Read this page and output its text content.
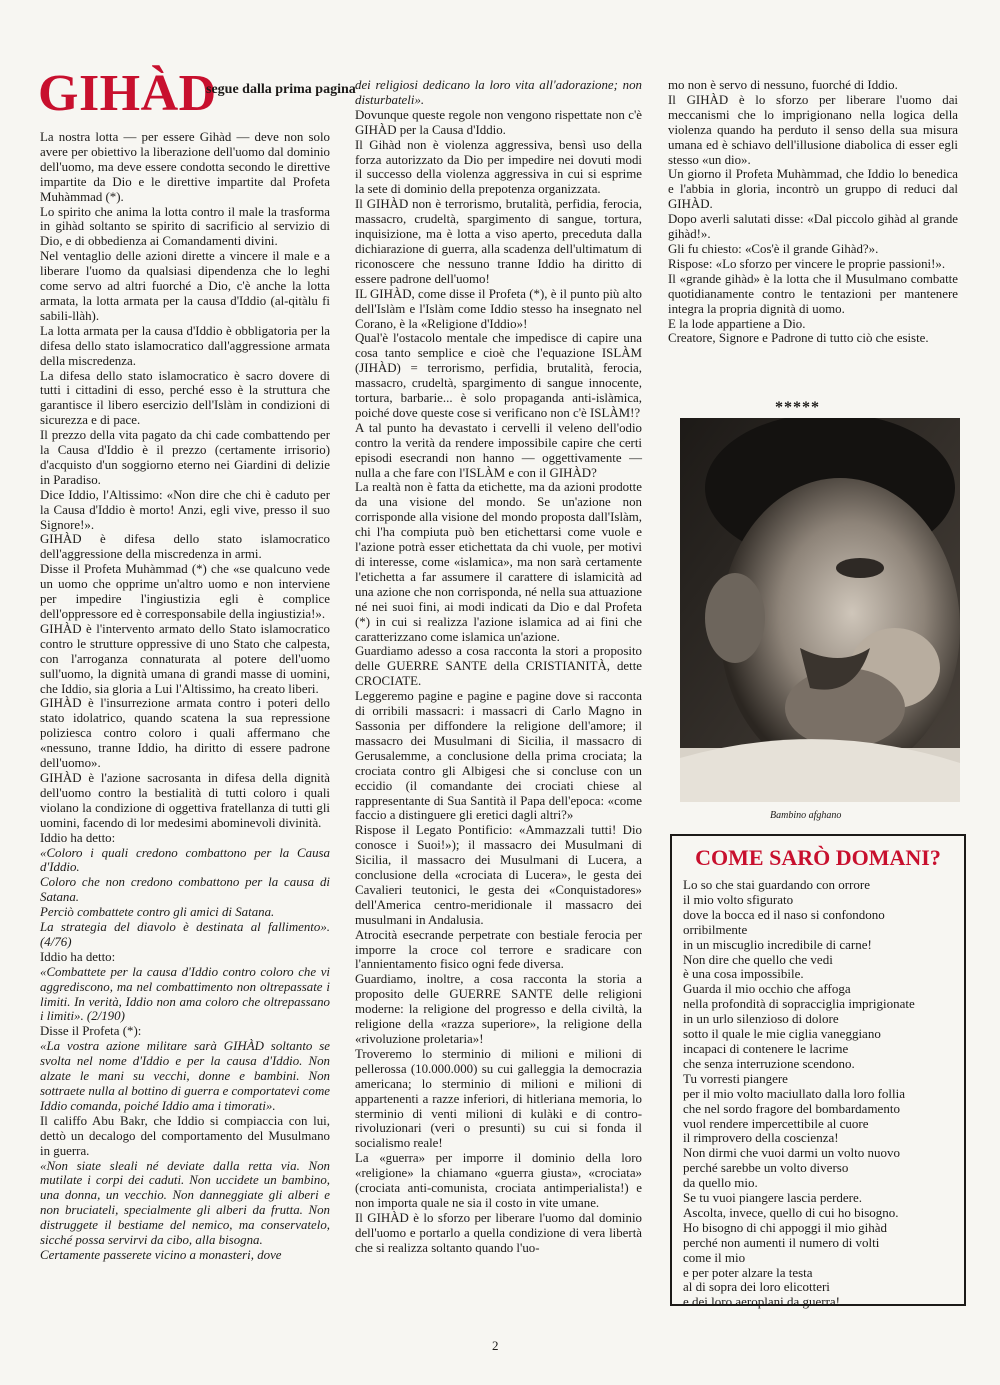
GIHÀD
segue dalla prima pagina

La nostra lotta — per essere Gihàd — deve non solo avere per obiettivo la liberazione dell'uomo dal dominio dell'uomo, ma deve essere condotta secondo le direttive impartite da Dio e le direttive impartite dal Profeta Muhàmmad (*).

Lo spirito che anima la lotta contro il male la trasforma in gihàd soltanto se spirito di sacrificio al servizio di Dio, e di obbedienza ai Comandamenti divini.

Nel ventaglio delle azioni dirette a vincere il male e a liberare l'uomo da qualsiasi dipendenza che lo leghi come servo ad altri fuorché a Dio, c'è anche la lotta armata, la lotta armata per la causa d'Iddio (al-qitàlu fi sabili-llàh).

La lotta armata per la causa d'Iddio è obbligatoria per la difesa dello stato islamocratico dall'aggressione armata della miscredenza.

La difesa dello stato islamocratico è sacro dovere di tutti i cittadini di esso, perché esso è la struttura che garantisce il libero esercizio dell'Islàm in condizioni di sicurezza e di pace.

Il prezzo della vita pagato da chi cade combattendo per la Causa d'Iddio è il prezzo (certamente irrisorio) d'acquisto d'un soggiorno eterno nei Giardini di delizie in Paradiso.

Dice Iddio, l'Altissimo: «Non dire che chi è caduto per la Causa d'Iddio è morto! Anzi, egli vive, presso il suo Signore!».

GIHÀD è difesa dello stato islamocratico dell'aggressione della miscredenza in armi.

Disse il Profeta Muhàmmad (*) che «se qualcuno vede un uomo che opprime un'altro uomo e non interviene per impedire l'ingiustizia egli è complice dell'oppressore ed è corresponsabile della ingiustizia!».

GIHÀD è l'intervento armato dello Stato islamocratico contro le strutture oppressive di uno Stato che calpesta, con l'arroganza connaturata al potere dell'uomo sull'uomo, la dignità umana di grandi masse di uomini, che Iddio, sia gloria a Lui l'Altissimo, ha creato liberi.

GIHÀD è l'insurrezione armata contro i poteri dello stato idolatrico, quando scatena la sua repressione poliziesca contro coloro i quali affermano che «nessuno, tranne Iddio, ha diritto di essere padrone dell'uomo».

GIHÀD è l'azione sacrosanta in difesa della dignità dell'uomo contro la bestialità di tutti coloro i quali violano la condizione di oggettiva fratellanza di tutti gli uomini, facendo di lor medesimi abominevoli divinità.

Iddio ha detto:

«Coloro i quali credono combattono per la Causa d'Iddio.

Coloro che non credono combattono per la causa di Satana.

Perciò combattete contro gli amici di Satana.

La strategia del diavolo è destinata al fallimento». (4/76)

Iddio ha detto:

«Combattete per la causa d'Iddio contro coloro che vi aggrediscono, ma nel combattimento non oltrepassate i limiti. In verità, Iddio non ama coloro che oltrepassano i limiti». (2/190)

Disse il Profeta (*):

«La vostra azione militare sarà GIHÀD soltanto se svolta nel nome d'Iddio e per la causa d'Iddio. Non alzate le mani su vecchi, donne e bambini. Non sottraete nulla al bottino di guerra e comportatevi come Iddio comanda, poiché Iddio ama i timorati».

Il califfo Abu Bakr, che Iddio si compiaccia con lui, dettò un decalogo del comportamento del Musulmano in guerra.

«Non siate sleali né deviate dalla retta via. Non mutilate i corpi dei caduti. Non uccidete un bambino, una donna, un vecchio. Non danneggiate gli alberi e non bruciateli, specialmente gli alberi da frutta. Non distruggete il bestiame del nemico, ma conservatelo, sicché possa servirvi da cibo, alla bisogna.

Certamente passerete vicino a monasteri, dove

dei religiosi dedicano la loro vita all'adorazione; non disturbateli».

Dovunque queste regole non vengono rispettate non c'è GIHÀD per la Causa d'Iddio.

Il Gihàd non è violenza aggressiva, bensì uso della forza autorizzato da Dio per impedire nei dovuti modi il successo della violenza aggressiva in cui si esprime la sete di dominio della prepotenza organizzata.

Il GIHÀD non è terrorismo, brutalità, perfidia, ferocia, massacro, crudeltà, spargimento di sangue, tortura, inquisizione, ma è lotta a viso aperto, preceduta dalla dichiarazione di guerra, alla scadenza dell'ultimatum di riconoscere che nessuno tranne Iddio ha diritto di essere padrone dell'uomo!

IL GIHÀD, come disse il Profeta (*), è il punto più alto dell'Islàm e l'Islàm come Iddio stesso ha insegnato nel Corano, è la «Religione d'Iddio»!

Qual'è l'ostacolo mentale che impedisce di capire una cosa tanto semplice e cioè che l'equazione ISLÀM (JIHÀD) = terrorismo, perfidia, brutalità, ferocia, massacro, crudeltà, spargimento di sangue innocente, tortura, barbarie... è solo propaganda anti-islàmica, poiché dove queste cose si verificano non c'è ISLÀM!?

A tal punto ha devastato i cervelli il veleno dell'odio contro la verità da rendere impossibile capire che certi episodi esecrandi non hanno — oggettivamente — nulla a che fare con l'ISLÀM e con il GIHÀD?

La realtà non è fatta da etichette, ma da azioni prodotte da una visione del mondo. Se un'azione non corrisponde alla visione del mondo proposta dall'Islàm, chi l'ha compiuta può ben etichettarsi come vuole e l'azione potrà esser etichettata da chi vuole, per motivi di interesse, come «islamica», ma non sarà certamente l'etichetta a far assumere il carattere di islamicità ad una azione che non corrisponda, né nella sua attuazione né nei suoi fini, ai modi indicati da Dio e dal Profeta (*) in cui si realizza l'azione islamica ad ai fini che caratterizzano come islamica un'azione.

Guardiamo adesso a cosa racconta la stori a proposito delle GUERRE SANTE della CRISTIANITÀ, dette CROCIATE.

Leggeremo pagine e pagine e pagine dove si racconta di orribili massacri: i massacri di Carlo Magno in Sassonia per diffondere la religione dell'amore; il massacro dei Musulmani di Sicilia, il massacro di Gerusalemme, a conclusione della prima crociata; la crociata contro gli Albigesi che si concluse con un eccidio (il comandante dei crociati chiese al rappresentante di Sua Santità il Papa dell'epoca: «come faccio a distinguere gli eretici dagli altri?»

Rispose il Legato Pontificio: «Ammazzali tutti! Dio conosce i Suoi!»); il massacro dei Musulmani di Sicilia, il massacro dei Musulmani di Lucera, a conclusione della «crociata di Lucera», le gesta dei Cavalieri teutonici, le gesta dei «Conquistadores» dell'America centro-meridionale il massacro dei musulmani in Andalusia.

Atrocità esecrande perpetrate con bestiale ferocia per imporre la croce col terrore e sradicare con l'annientamento fisico ogni fede diversa.

Guardiamo, inoltre, a cosa racconta la storia a proposito delle GUERRE SANTE delle religioni moderne: la religione del progresso e della civiltà, la religione della «razza superiore», la religione della «rivoluzione proletaria»!

Troveremo lo sterminio di milioni e milioni di pellerossa (10.000.000) su cui galleggia la democrazia americana; lo sterminio di milioni e milioni di appartenenti a razze inferiori, di hitleriana memoria, lo sterminio di venti milioni di kulàki e di contro-rivoluzionari (veri o presunti) su cui si fonda il socialismo reale!

La «guerra» per imporre il dominio della loro «religione» la chiamano «guerra giusta», «crociata» (crociata anti-comunista, crociata antimperialista!) e non importa quale ne sia il costo in vite umane.

Il GIHÀD è lo sforzo per liberare l'uomo dal dominio dell'uomo e portarlo a quella condizione di vera libertà che si realizza soltanto quando l'uo-

mo non è servo di nessuno, fuorché di Iddio.

Il GIHÀD è lo sforzo per liberare l'uomo dai meccanismi che lo imprigionano nella logica della violenza quando ha perduto il senso della sua misura umana ed è schiavo dell'illusione diabolica di esser egli stesso «un dio».

Un giorno il Profeta Muhàmmad, che Iddio lo benedica e l'abbia in gloria, incontrò un gruppo di reduci dal GIHÀD.

Dopo averli salutati disse: «Dal piccolo gihàd al grande gihàd!».

Gli fu chiesto: «Cos'è il grande Gihàd?».

Rispose: «Lo sforzo per vincere le proprie passioni!».

Il «grande gihàd» è la lotta che il Musulmano combatte quotidianamente contro le tentazioni per mantenere integra la propria dignità di uomo.

E la lode appartiene a Dio.

Creatore, Signore e Padrone di tutto ciò che esiste.

*****
Bambino afghano
COME SARÒ DOMANI?
Lo so che stai guardando con orrore
il mio volto sfigurato
dove la bocca ed il naso si confondono
orribilmente
in un miscuglio incredibile di carne!
Non dire che quello che vedi
è una cosa impossibile.
Guarda il mio occhio che affoga
nella profondità di sopracciglia imprigionate
in un urlo silenzioso di dolore
sotto il quale le mie ciglia vaneggiano
incapaci di contenere le lacrime
che senza interruzione scendono.
Tu vorresti piangere
per il mio volto maciullato dalla loro follia
che nel sordo fragore del bombardamento
vuol rendere impercettibile al cuore
il rimprovero della coscienza!
Non dirmi che vuoi darmi un volto nuovo
perché sarebbe un volto diverso
da quello mio.
Se tu vuoi piangere lascia perdere.
Ascolta, invece, quello di cui ho bisogno.
Ho bisogno di chi appoggi il mio gihàd
perché non aumenti il numero di volti
come il mio
e per poter alzare la testa
al di sopra dei loro elicotteri
e dei loro aeroplani da guerra!
2
